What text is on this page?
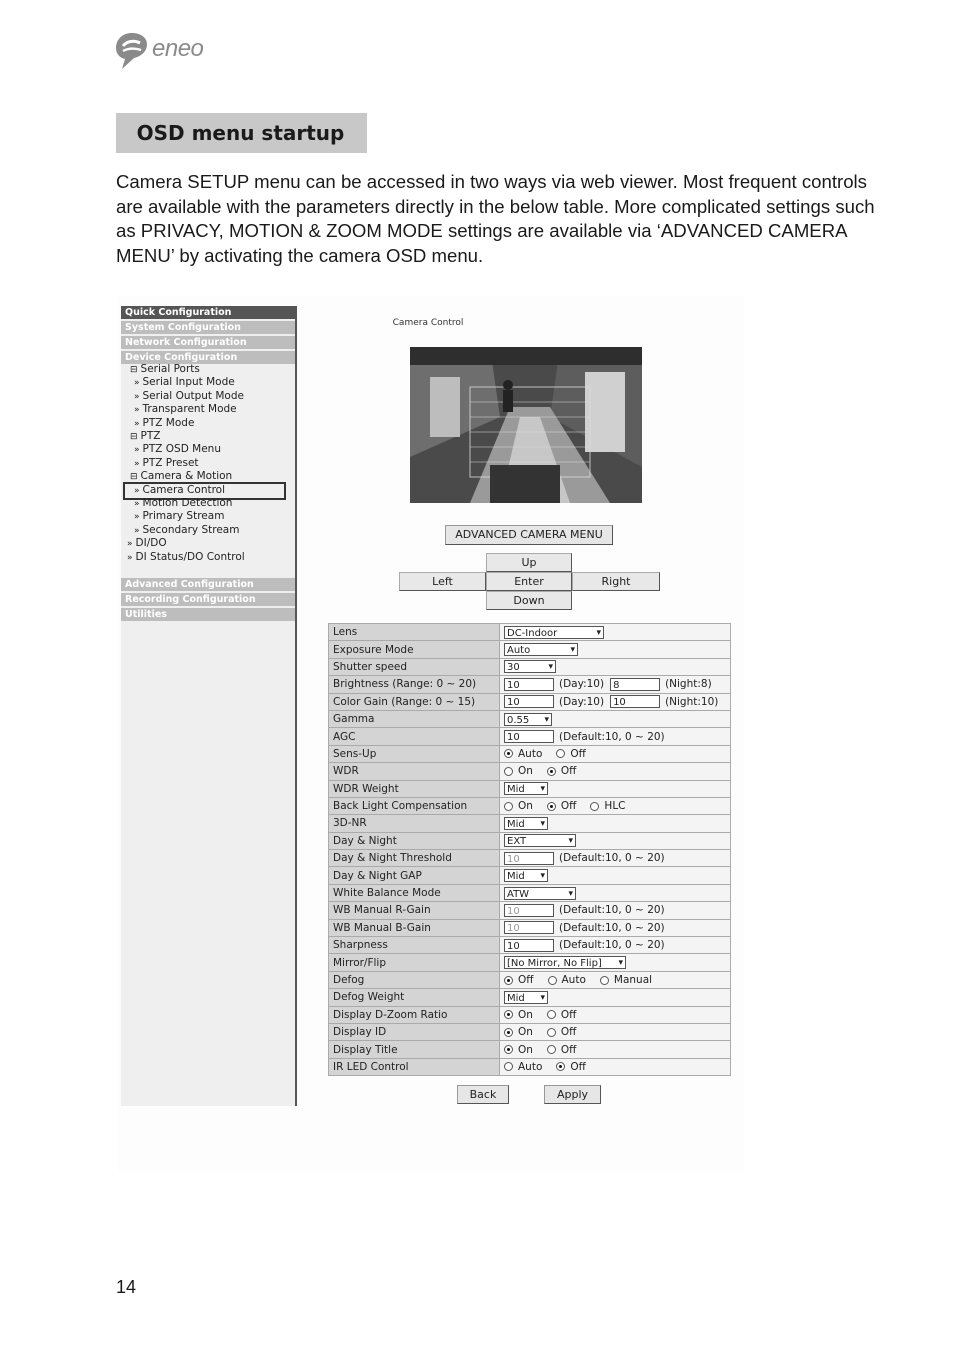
eneo
OSD menu startup

Camera SETUP menu can be accessed in two ways via web viewer. Most frequent controls are available with the parameters directly in the below table. More complicated settings such as PRIVACY, MOTION & ZOOM MODE settings are available via ‘ADVANCED CAMERA MENU’ by activating the camera OSD menu.

Quick Configuration
System Configuration
Network Configuration
Device Configuration
⊟ Serial Ports
» Serial Input Mode
» Serial Output Mode
» Transparent Mode
» PTZ Mode
⊟ PTZ
» PTZ OSD Menu
» PTZ Preset
⊟ Camera & Motion
» Camera Control
» Motion Detection
» Primary Stream
» Secondary Stream
» DI/DO
» DI Status/DO Control
Advanced Configuration
Recording Configuration
Utilities
Camera Control
ADVANCED CAMERA MENU
Up
Left	Enter	Right
Down
Lens	DC-Indoor ▾

Exposure Mode	Auto ▾

Shutter speed	30 ▾

Brightness (Range: 0 ~ 20)	10 (Day:10) 8 (Night:8)
Color Gain (Range: 0 ~ 15)	10 (Day:10) 10 (Night:10)
Gamma	0.55 ▾

AGC	10 (Default:10, 0 ~ 20)
Sens-Up	Auto Off
WDR	On Off
WDR Weight	Mid ▾

Back Light Compensation	On Off HLC
3D-NR	Mid ▾

Day & Night	EXT ▾

Day & Night Threshold	10 (Default:10, 0 ~ 20)
Day & Night GAP	Mid ▾

White Balance Mode	ATW ▾

WB Manual R-Gain	10 (Default:10, 0 ~ 20)
WB Manual B-Gain	10 (Default:10, 0 ~ 20)
Sharpness	10 (Default:10, 0 ~ 20)
Mirror/Flip	[No Mirror, No Flip] ▾

Defog	Off Auto Manual
Defog Weight	Mid ▾

Display D-Zoom Ratio	On Off
Display ID	On Off
Display Title	On Off
IR LED Control	Auto Off
Back	Apply
14
